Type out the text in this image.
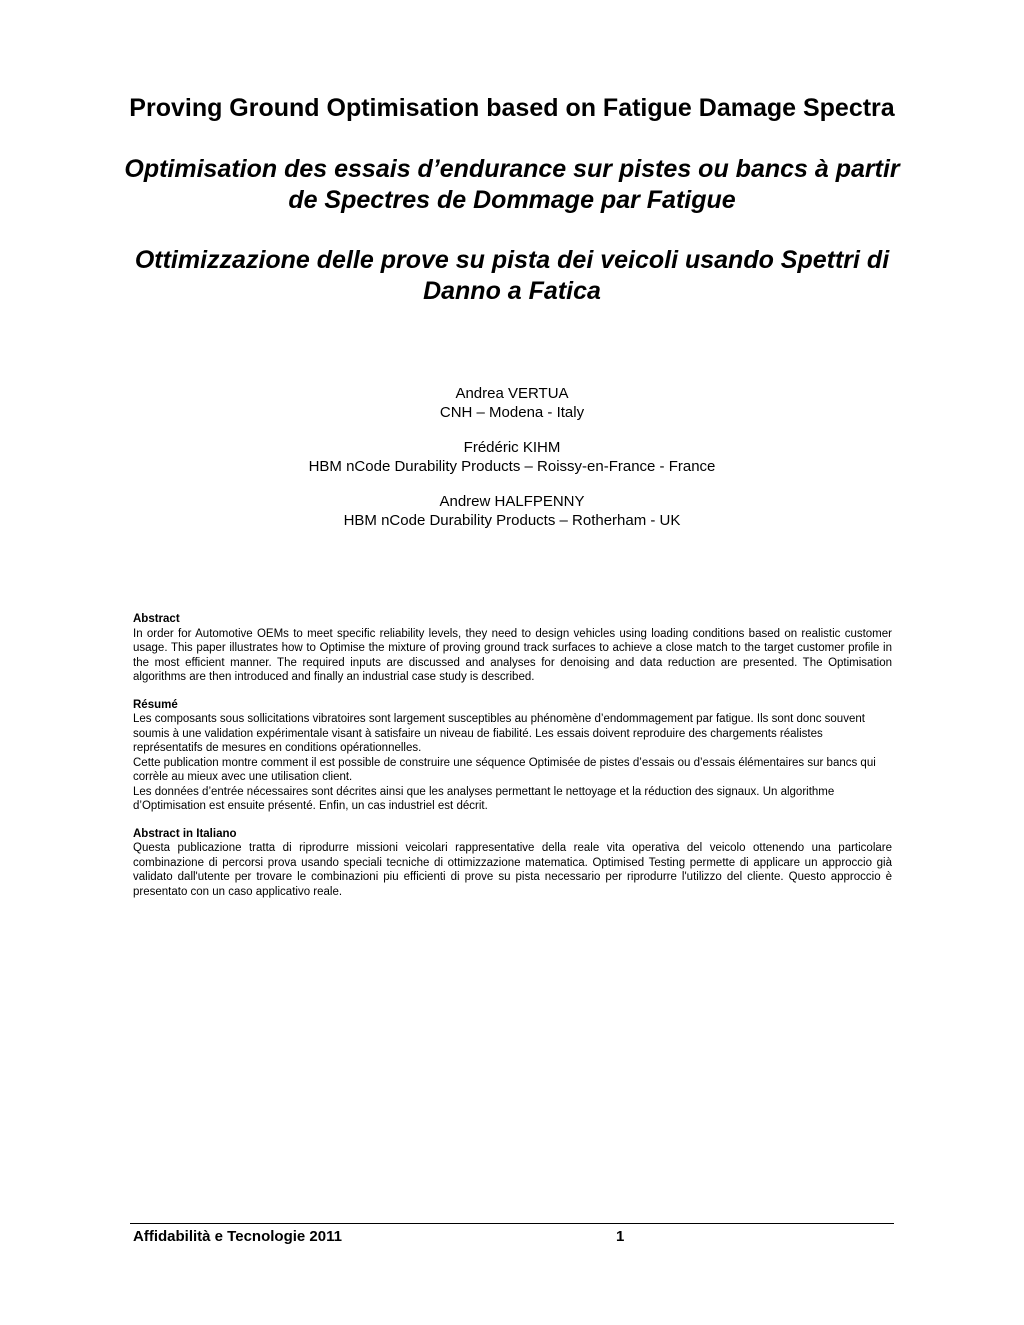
Proving Ground Optimisation based on Fatigue Damage Spectra
Optimisation des essais d’endurance sur pistes ou bancs à partir de Spectres de Dommage par Fatigue
Ottimizzazione delle prove su pista dei veicoli usando Spettri di Danno a Fatica
Andrea VERTUA
CNH – Modena - Italy
Frédéric KIHM
HBM nCode Durability Products – Roissy-en-France - France
Andrew HALFPENNY
HBM nCode Durability Products – Rotherham - UK

Abstract

In order for Automotive OEMs to meet specific reliability levels, they need to design vehicles using loading conditions based on realistic customer usage. This paper illustrates how to Optimise the mixture of proving ground track surfaces to achieve a close match to the target customer profile in the most efficient manner. The required inputs are discussed and analyses for denoising and data reduction are presented. The Optimisation algorithms are then introduced and finally an industrial case study is described.

Résumé

Les composants sous sollicitations vibratoires sont largement susceptibles au phénomène d’endommagement par fatigue. Ils sont donc souvent soumis à une validation expérimentale visant à satisfaire un niveau de fiabilité. Les essais doivent reproduire des chargements réalistes représentatifs de mesures en conditions opérationnelles.

Cette publication montre comment il est possible de construire une séquence Optimisée de pistes d’essais ou d’essais élémentaires sur bancs qui corrèle au mieux avec une utilisation client.

Les données d’entrée nécessaires sont décrites ainsi que les analyses permettant le nettoyage et la réduction des signaux. Un algorithme d’Optimisation est ensuite présenté. Enfin, un cas industriel est décrit.

Abstract in Italiano

Questa publicazione tratta di riprodurre missioni veicolari rappresentative della reale vita operativa del veicolo ottenendo una particolare combinazione di percorsi prova usando speciali tecniche di ottimizzazione matematica. Optimised Testing permette di applicare un approccio già validato dall'utente per trovare le combinazioni piu efficienti di prove su pista necessario per riprodurre l'utilizzo del cliente. Questo approccio è presentato con un caso applicativo reale.

Affidabilità e Tecnologie 2011	1
